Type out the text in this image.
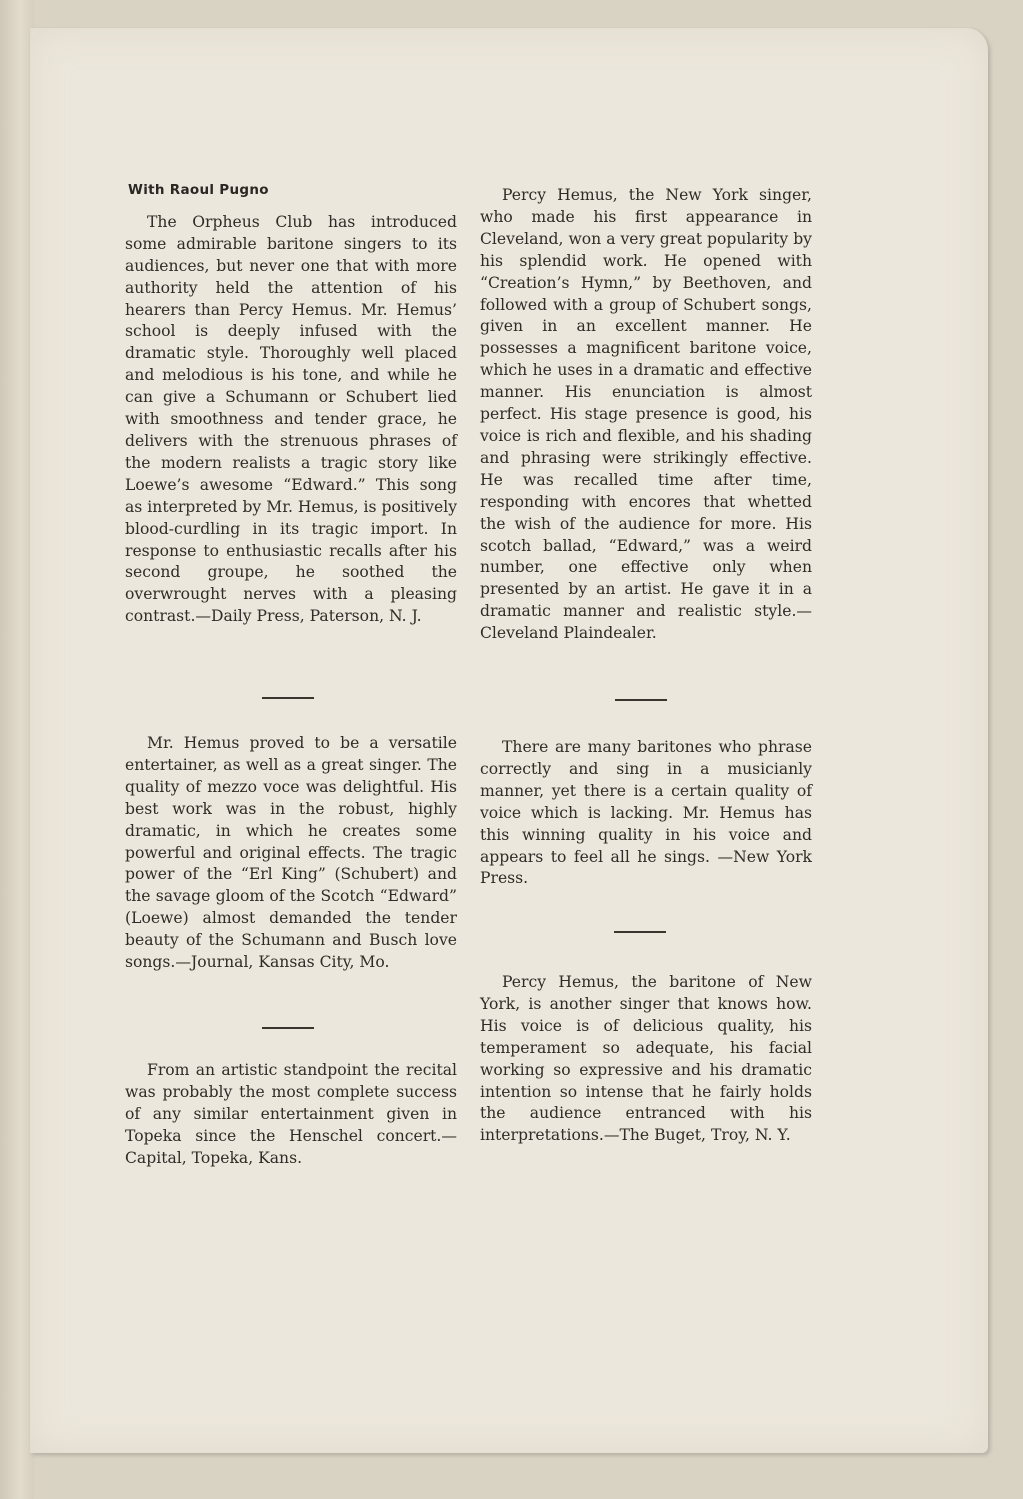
With Raoul Pugno

The Orpheus Club has introduced some admirable baritone singers to its audiences, but never one that with more authority held the attention of his hearers than Percy Hemus. Mr. Hemus’ school is deeply infused with the dramatic style. Thoroughly well placed and melodious is his tone, and while he can give a Schumann or Schubert lied with smoothness and tender grace, he delivers with the strenuous phrases of the modern realists a tragic story like Loewe’s awesome “Edward.” This song as interpreted by Mr. Hemus, is positively blood-curdling in its tragic import. In response to enthusiastic recalls after his second groupe, he soothed the overwrought nerves with a pleasing contrast.—Daily Press, Paterson, N. J.

Mr. Hemus proved to be a versatile entertainer, as well as a great singer. The quality of mezzo voce was delightful. His best work was in the robust, highly dramatic, in which he creates some powerful and original effects. The tragic power of the “Erl King” (Schubert) and the savage gloom of the Scotch “Edward” (Loewe) almost demanded the tender beauty of the Schumann and Busch love songs.—Journal, Kansas City, Mo.

From an artistic standpoint the recital was probably the most complete success of any similar entertainment given in Topeka since the Henschel concert.—Capital, Topeka, Kans.

Percy Hemus, the New York singer, who made his first appearance in Cleveland, won a very great popularity by his splendid work. He opened with “Creation’s Hymn,” by Beethoven, and followed with a group of Schubert songs, given in an excellent manner. He possesses a magnificent baritone voice, which he uses in a dramatic and effective manner. His enunciation is almost perfect. His stage presence is good, his voice is rich and flexible, and his shading and phrasing were strikingly effective. He was recalled time after time, responding with encores that whetted the wish of the audience for more. His scotch ballad, “Edward,” was a weird number, one effective only when presented by an artist. He gave it in a dramatic manner and realistic style.—Cleveland Plaindealer.

There are many baritones who phrase correctly and sing in a musicianly manner, yet there is a certain quality of voice which is lacking. Mr. Hemus has this winning quality in his voice and appears to feel all he sings. —New York Press.

Percy Hemus, the baritone of New York, is another singer that knows how. His voice is of delicious quality, his temperament so adequate, his facial working so expressive and his dramatic intention so intense that he fairly holds the audience entranced with his interpretations.—The Buget, Troy, N. Y.
